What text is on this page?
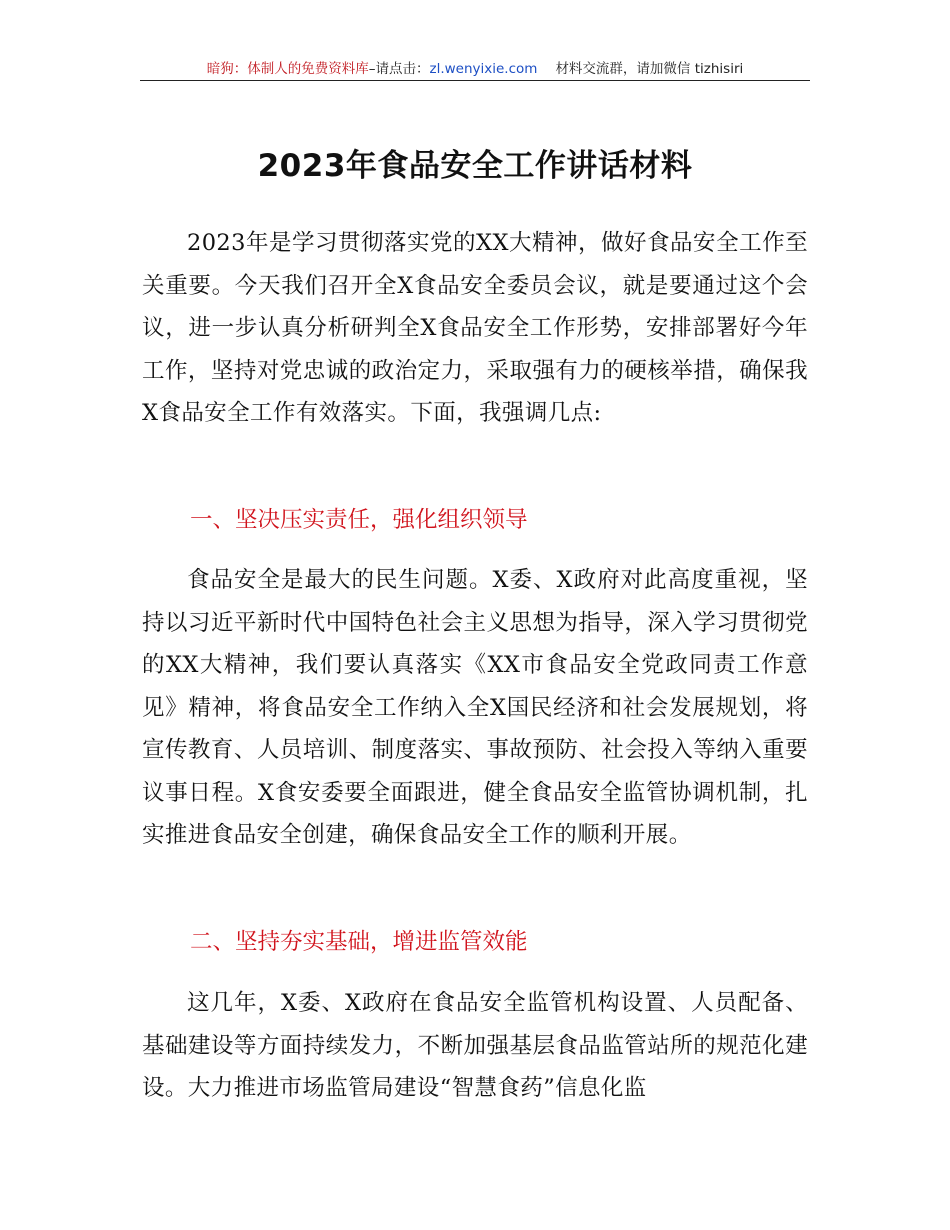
暗狗：体制人的免费资料库–请点击：zl.wenyixie.com 材料交流群，请加微信 tizhisiri
2023年食品安全工作讲话材料

2023年是学习贯彻落实党的XX大精神，做好食品安全工作至关重要。今天我们召开全X食品安全委员会议，就是要通过这个会议，进一步认真分析研判全X食品安全工作形势，安排部署好今年工作，坚持对党忠诚的政治定力，采取强有力的硬核举措，确保我X食品安全工作有效落实。下面，我强调几点:

一、坚决压实责任，强化组织领导

食品安全是最大的民生问题。X委、X政府对此高度重视，坚持以习近平新时代中国特色社会主义思想为指导，深入学习贯彻党的XX大精神，我们要认真落实《XX市食品安全党政同责工作意见》精神，将食品安全工作纳入全X国民经济和社会发展规划，将宣传教育、人员培训、制度落实、事故预防、社会投入等纳入重要议事日程。X食安委要全面跟进，健全食品安全监管协调机制，扎实推进食品安全创建，确保食品安全工作的顺利开展。

二、坚持夯实基础，增进监管效能

这几年，X委、X政府在食品安全监管机构设置、人员配备、基础建设等方面持续发力，不断加强基层食品监管站所的规范化建设。大力推进市场监管局建设“智慧食药”信息化监
